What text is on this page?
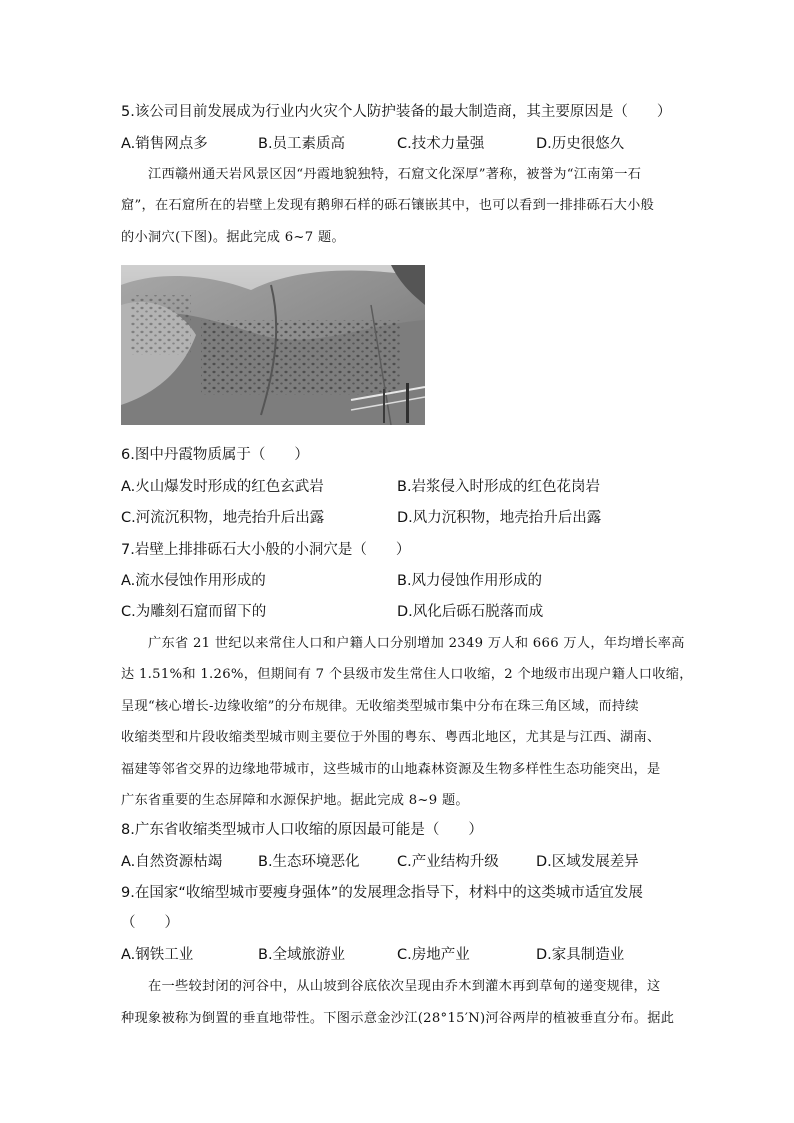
5.该公司目前发展成为行业内火灾个人防护装备的最大制造商，其主要原因是（　　）
A.销售网点多	B.员工素质高	C.技术力量强	D.历史很悠久
江西赣州通天岩风景区因“丹霞地貌独特，石窟文化深厚”著称，被誉为“江南第一石
窟”，在石窟所在的岩壁上发现有鹅卵石样的砾石镶嵌其中，也可以看到一排排砾石大小般
的小洞穴(下图)。据此完成 6~7 题。
6.图中丹霞物质属于（　　）
A.火山爆发时形成的红色玄武岩	B.岩浆侵入时形成的红色花岗岩
C.河流沉积物，地壳抬升后出露	D.风力沉积物，地壳抬升后出露
7.岩壁上排排砾石大小般的小洞穴是（　　）
A.流水侵蚀作用形成的	B.风力侵蚀作用形成的
C.为雕刻石窟而留下的	D.风化后砾石脱落而成
广东省 21 世纪以来常住人口和户籍人口分别增加 2349 万人和 666 万人，年均增长率高
达 1.51%和 1.26%，但期间有 7 个县级市发生常住人口收缩，2 个地级市出现户籍人口收缩，
呈现“核心增长-边缘收缩”的分布规律。无收缩类型城市集中分布在珠三角区域，而持续
收缩类型和片段收缩类型城市则主要位于外围的粤东、粤西北地区，尤其是与江西、湖南、
福建等邻省交界的边缘地带城市，这些城市的山地森林资源及生物多样性生态功能突出，是
广东省重要的生态屏障和水源保护地。据此完成 8~9 题。
8.广东省收缩类型城市人口收缩的原因最可能是（　　）
A.自然资源枯竭 B.生态环境恶化	C.产业结构升级	D.区域发展差异
9.在国家“收缩型城市要瘦身强体”的发展理念指导下，材料中的这类城市适宜发展
（　　）
A.钢铁工业	B.全域旅游业	C.房地产业	D.家具制造业
在一些较封闭的河谷中，从山坡到谷底依次呈现由乔木到灌木再到草甸的递变规律，这
种现象被称为倒置的垂直地带性。下图示意金沙江(28°15′N)河谷两岸的植被垂直分布。据此
